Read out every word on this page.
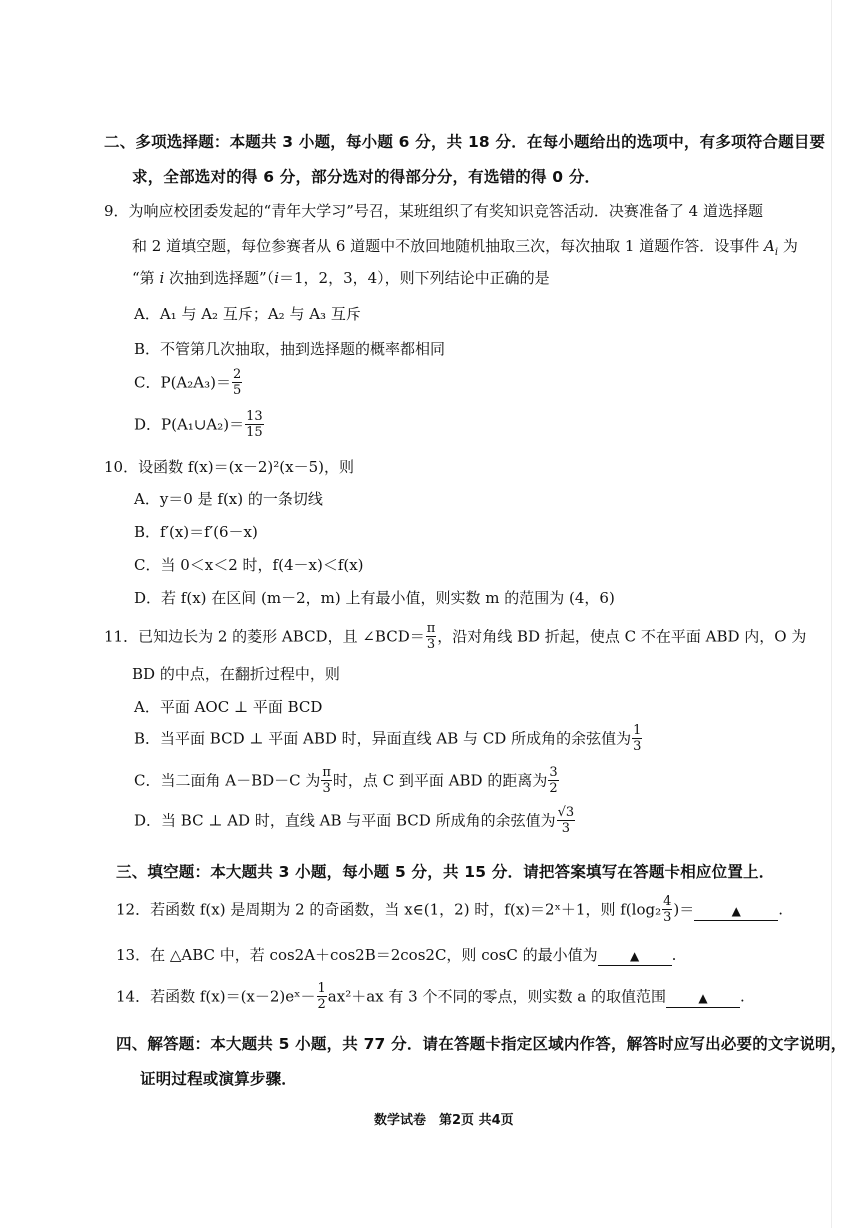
二、多项选择题：本题共 3 小题，每小题 6 分，共 18 分．在每小题给出的选项中，有多项符合题目要
求，全部选对的得 6 分，部分选对的得部分分，有选错的得 0 分．
9．为响应校团委发起的“青年大学习”号召，某班组织了有奖知识竞答活动．决赛准备了 4 道选择题
和 2 道填空题，每位参赛者从 6 道题中不放回地随机抽取三次，每次抽取 1 道题作答．设事件 $A_i$ 为
“第 i 次抽到选择题”（i＝1，2，3，4），则下列结论中正确的是
A．A₁ 与 A₂ 互斥；A₂ 与 A₃ 互斥
B．不管第几次抽取，抽到选择题的概率都相同
C．$P(A_2A_3)= \frac{2}{5}$
D．P(A₁∪A₂)＝ $\frac{13}{15}$
10．设函数 f(x)＝(x－2)²(x－5)，则
A．y＝0 是 f(x) 的一条切线
B．f′(x)＝f′(6－x)
C．当 0＜x＜2 时，f(4－x)＜f(x)
D．若 f(x) 在区间 (m－2，m) 上有最小值，则实数 m 的范围为 (4，6)
11．已知边长为 2 的菱形 ABCD，且 ∠BCD＝ $\frac{\pi}{3}$ ，沿对角线 BD 折起，使点 C 不在平面 ABD 内，O 为
BD 的中点，在翻折过程中，则
A．平面 AOC ⊥ 平面 BCD
B．当平面 BCD ⊥ 平面 ABD 时，异面直线 AB 与 CD 所成角的余弦值为 $\frac{1}{3}$
C．当二面角 A－BD－C 为 $\frac{\pi}{3}$ 时，点 C 到平面 ABD 的距离为 $\frac{3}{2}$
D．当 BC ⊥ AD 时，直线 AB 与平面 BCD 所成角的余弦值为 $\frac{√3}{3}$
三、填空题：本大题共 3 小题，每小题 5 分，共 15 分．请把答案填写在答题卡相应位置上．
12．若函数 f(x) 是周期为 2 的奇函数，当 x∈(1，2) 时，f(x)＝2ˣ＋1，则 $f(\log_2 \frac{4}{3}$ )＝	▲ .
13．在 △ABC 中，若 cos2A＋cos2B＝2cos2C，则 cosC 的最小值为	▲ .
14．若函数 f(x)＝(x－2)eˣ－ $\frac{1}{2} ax^2+ax$ 有 3 个不同的零点，则实数 a 的取值范围	▲ .
四、解答题：本大题共 5 小题，共 77 分．请在答题卡指定区域内作答，解答时应写出必要的文字说明，
证明过程或演算步骤．
数学试卷　第2页 共4页
